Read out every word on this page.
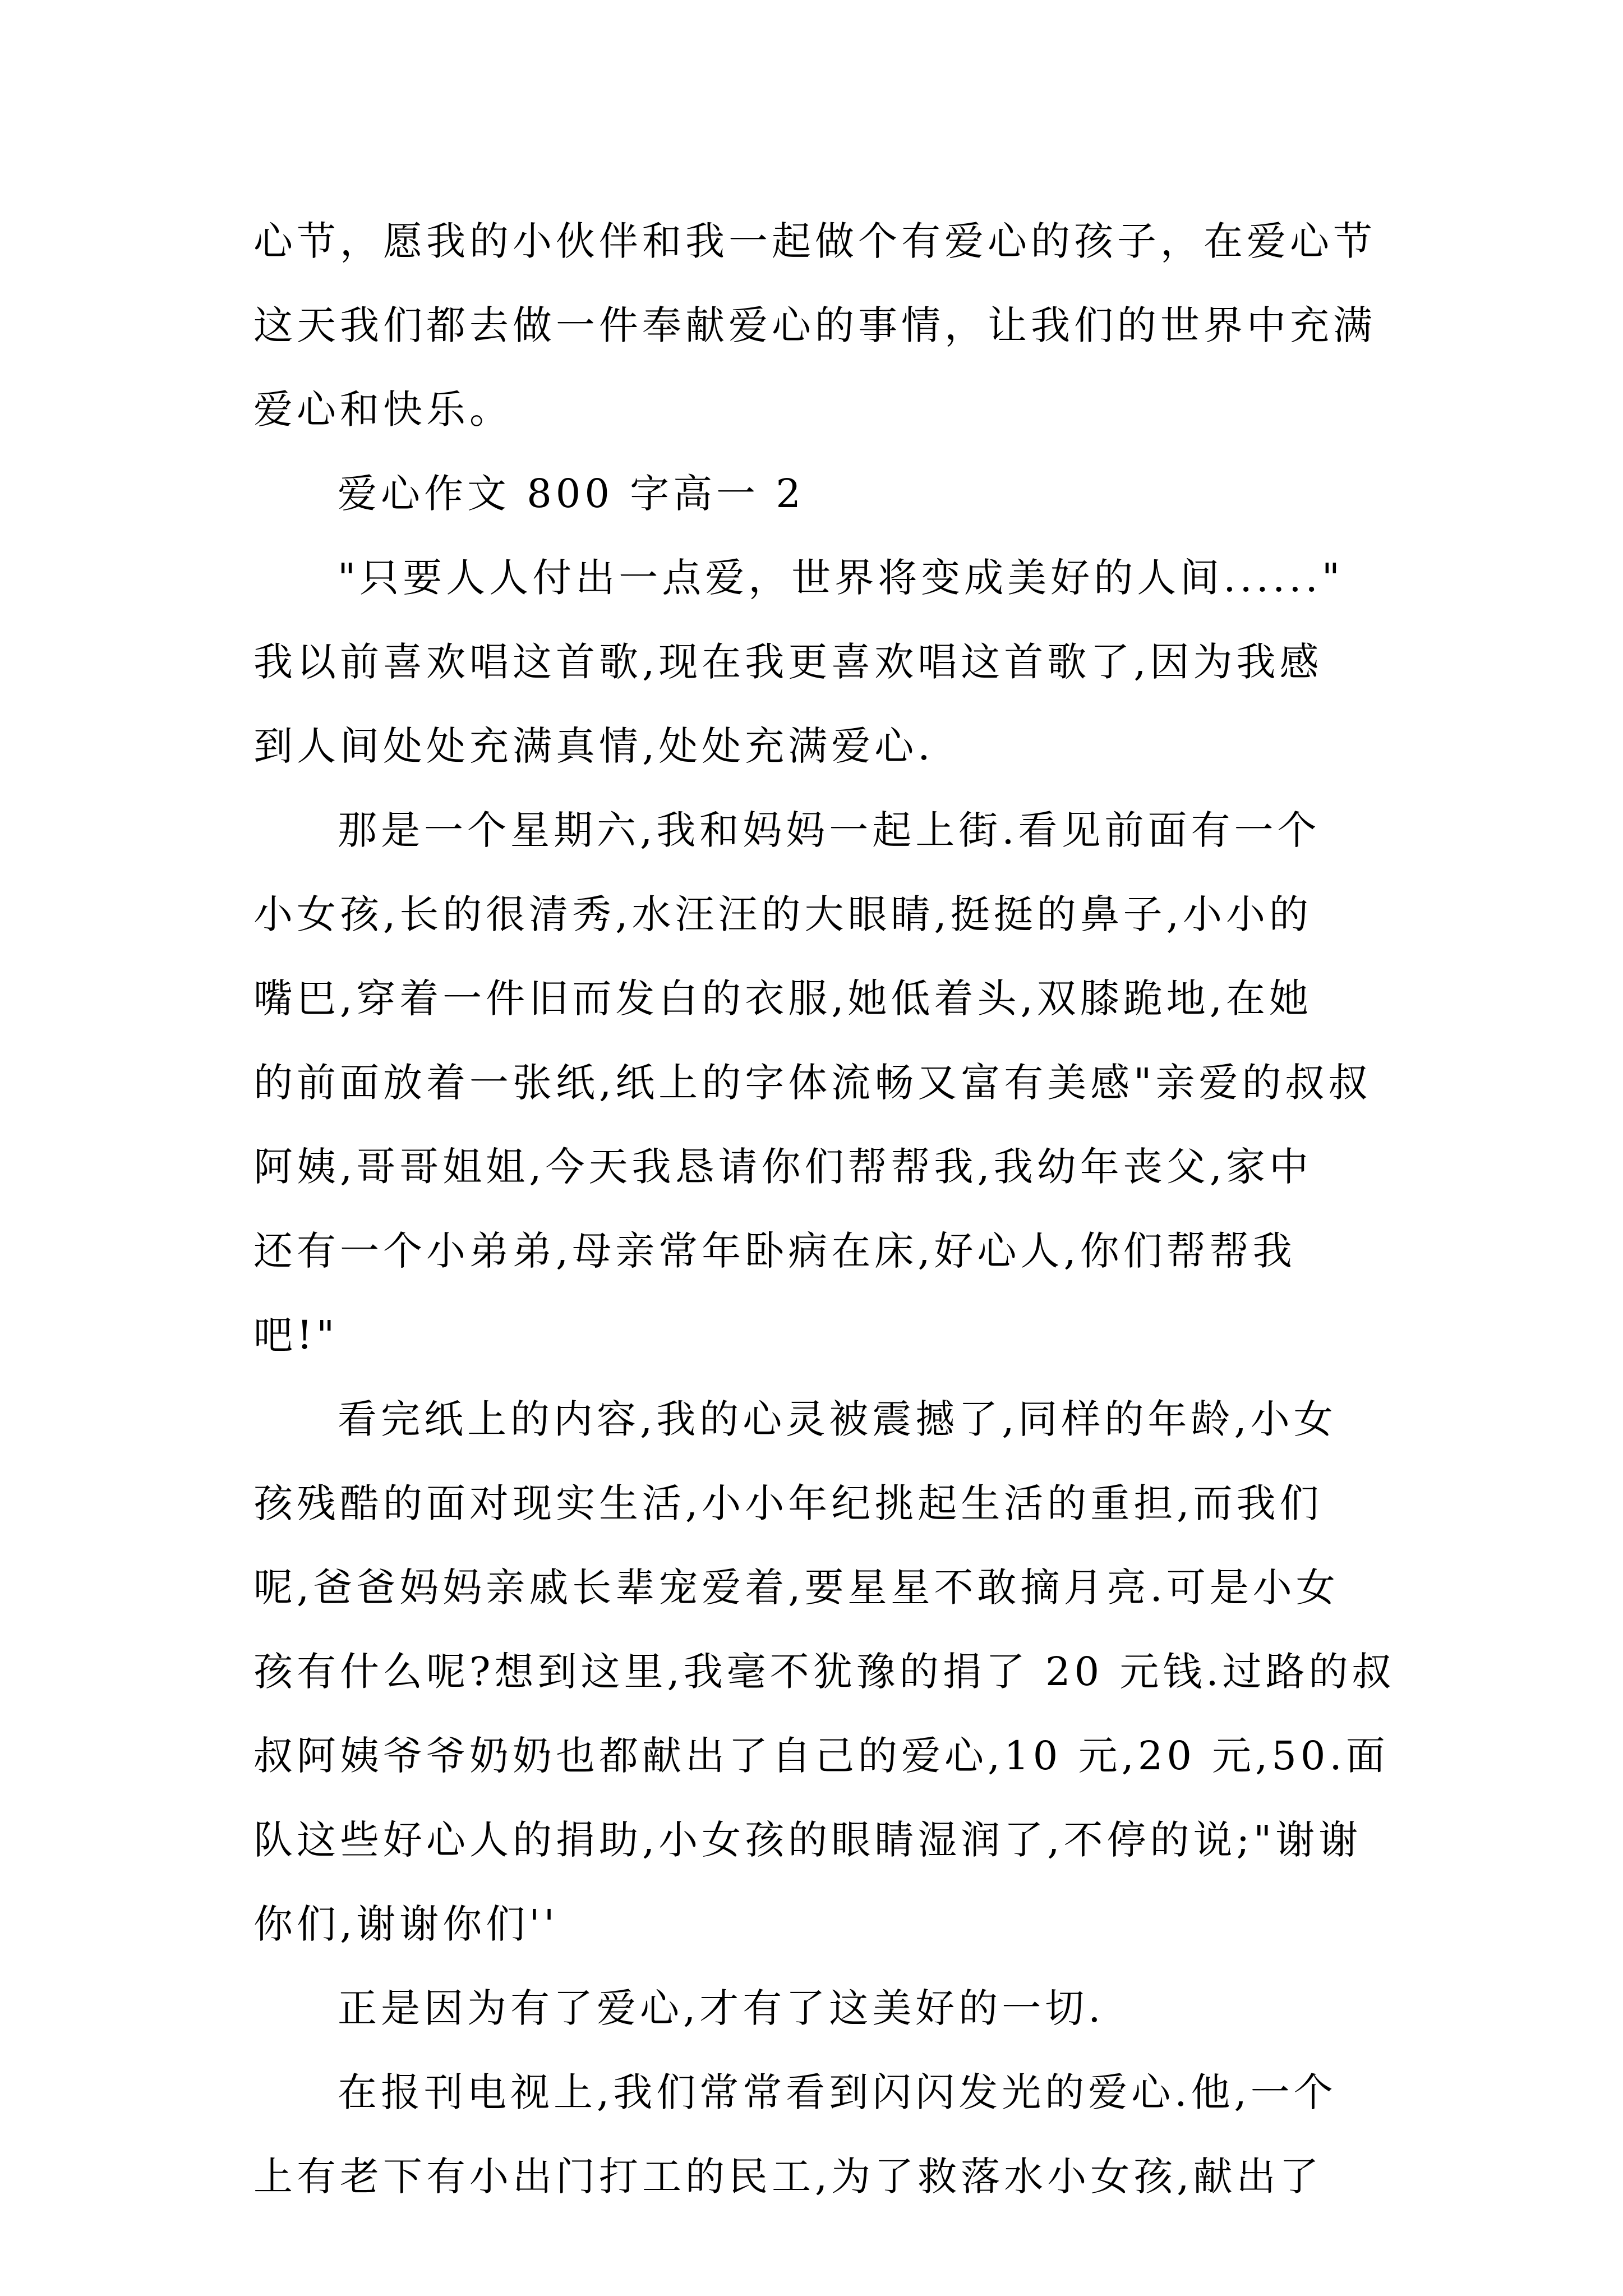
心节，愿我的小伙伴和我一起做个有爱心的孩子，在爱心节
这天我们都去做一件奉献爱心的事情，让我们的世界中充满
爱心和快乐。
爱心作文 800 字高一 2
"只要人人付出一点爱，世界将变成美好的人间......"
我以前喜欢唱这首歌,现在我更喜欢唱这首歌了,因为我感
到人间处处充满真情,处处充满爱心.
那是一个星期六,我和妈妈一起上街.看见前面有一个
小女孩,长的很清秀,水汪汪的大眼睛,挺挺的鼻子,小小的
嘴巴,穿着一件旧而发白的衣服,她低着头,双膝跪地,在她
的前面放着一张纸,纸上的字体流畅又富有美感"亲爱的叔叔
阿姨,哥哥姐姐,今天我恳请你们帮帮我,我幼年丧父,家中
还有一个小弟弟,母亲常年卧病在床,好心人,你们帮帮我
吧!"
看完纸上的内容,我的心灵被震撼了,同样的年龄,小女
孩残酷的面对现实生活,小小年纪挑起生活的重担,而我们
呢,爸爸妈妈亲戚长辈宠爱着,要星星不敢摘月亮.可是小女
孩有什么呢?想到这里,我毫不犹豫的捐了 20 元钱.过路的叔
叔阿姨爷爷奶奶也都献出了自己的爱心,10 元,20 元,50.面
队这些好心人的捐助,小女孩的眼睛湿润了,不停的说;"谢谢
你们,谢谢你们''
正是因为有了爱心,才有了这美好的一切.
在报刊电视上,我们常常看到闪闪发光的爱心.他,一个
上有老下有小出门打工的民工,为了救落水小女孩,献出了
